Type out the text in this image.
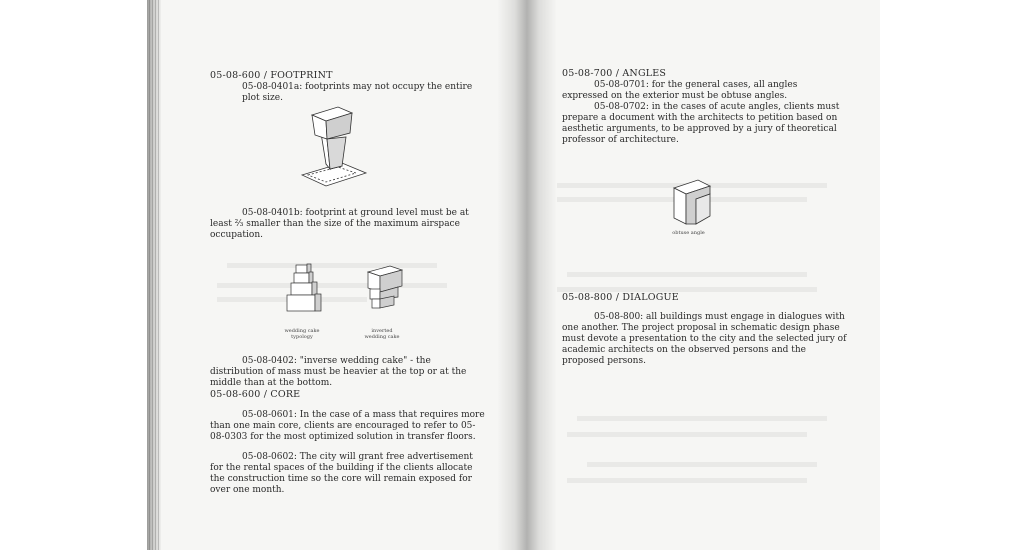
05-08-600 / FOOTPRINT
05-08-0401a: footprints may not occupy the entire plot size.
05-08-0401b: footprint at ground level must be at least ⅔ smaller than the size of the maximum airspace occupation.
wedding cake typology
inverted wedding cake
05-08-0402: "inverse wedding cake" - the distribution of mass must be heavier at the top or at the middle than at the bottom.
05-08-600 / CORE
05-08-0601: In the case of a mass that requires more than one main core, clients are encouraged to refer to 05-08-0303 for the most optimized solution in transfer floors.
05-08-0602: The city will grant free advertisement for the rental spaces of the building if the clients allocate the construction time so the core will remain exposed for over one month.
05-08-700 / ANGLES
05-08-0701: for the general cases, all angles expressed on the exterior must be obtuse angles.
05-08-0702: in the cases of acute angles, clients must prepare a document with the architects to petition based on aesthetic arguments, to be approved by a jury of theoretical professor of architecture.
obtuse angle
05-08-800 / DIALOGUE
05-08-800: all buildings must engage in dialogues with one another. The project proposal in schematic design phase must devote a presentation to the city and the selected jury of academic architects on the observed persons and the proposed persons.
